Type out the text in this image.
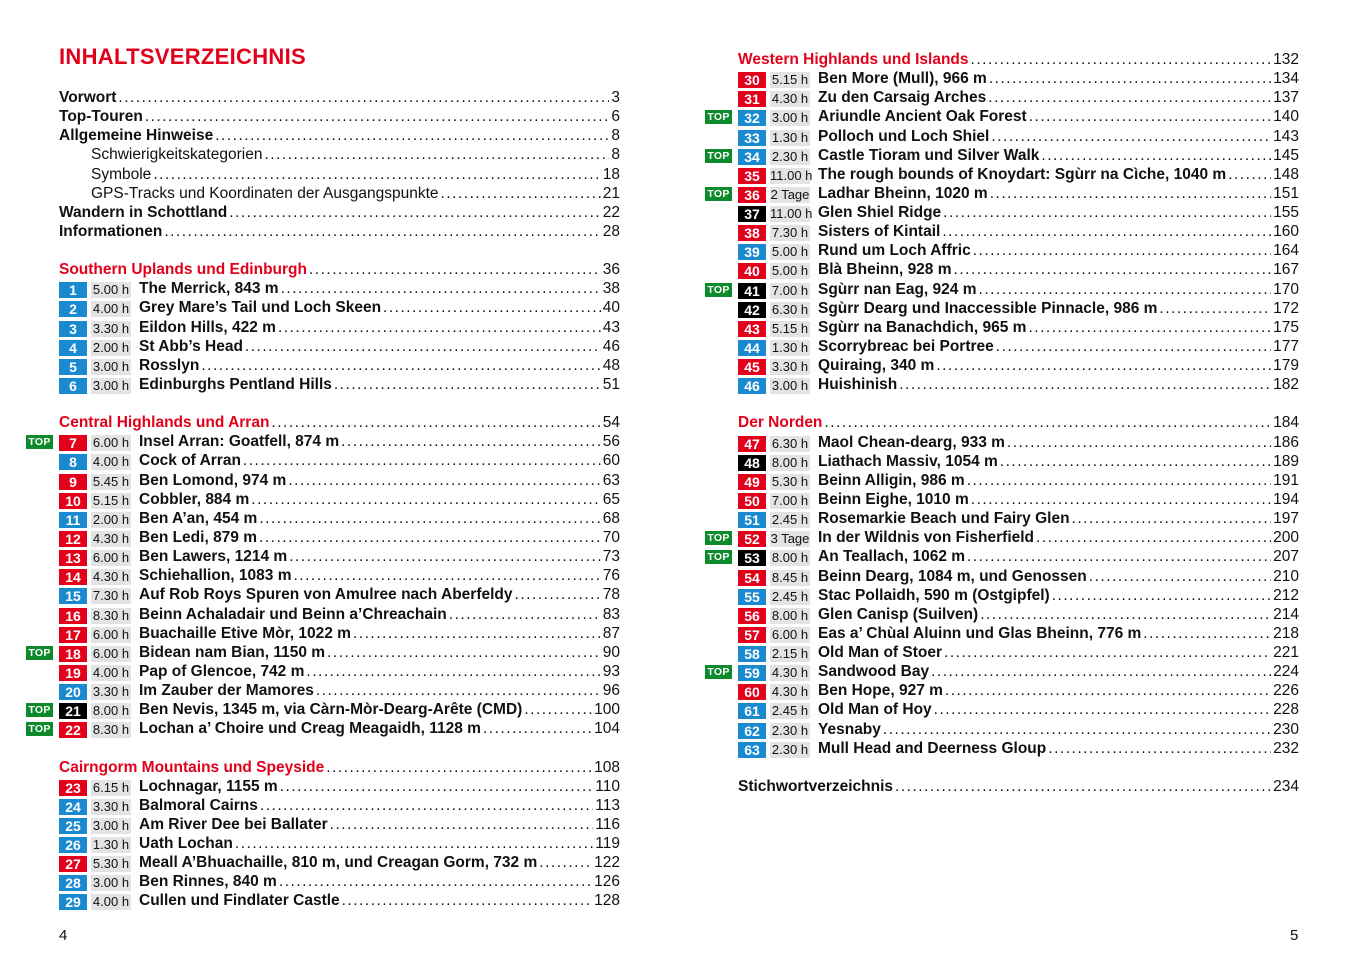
INHALTSVERZEICHNIS
Vorwort . . .	3
Top-Touren . . .	6
Allgemeine Hinweise . . .	8
Schwierigkeitskategorien . . .	8
Symbole . . .	18
GPS-Tracks und Koordinaten der Ausgangspunkte . . .	21
Wandern in Schottland . . .	22
Informationen . . .	28
Southern Uplands und Edinburgh . . .	36
1	5.00 h The Merrick, 843 m . . .	38
2	4.00 h Grey Mare’s Tail und Loch Skeen . . .	40
3	3.30 h Eildon Hills, 422 m . . .	43
4	2.00 h St Abb’s Head . . .	46
5	3.00 h Rosslyn . . .	48
6	3.00 h Edinburghs Pentland Hills . . .	51
Central Highlands und Arran . . .	54
TOP	7	6.00 h Insel Arran: Goatfell, 874 m . . .	56
8	4.00 h Cock of Arran . . .	60
9	5.45 h Ben Lomond, 974 m . . .	63
10 5.15 h Cobbler, 884 m . . .	65
11 2.00 h Ben A’an, 454 m . . .	68
12 4.30 h Ben Ledi, 879 m . . .	70
13 6.00 h Ben Lawers, 1214 m . . .	73
14 4.30 h Schiehallion, 1083 m . . .	76
15 7.30 h Auf Rob Roys Spuren von Amulree nach Aberfeldy . . .	78
16 8.30 h Beinn Achaladair und Beinn a’Chreachain . . .	83
17 6.00 h Buachaille Etive Mòr, 1022 m . . .	87
TOP	18 6.00 h Bidean nam Bian, 1150 m . . .	90
19 4.00 h Pap of Glencoe, 742 m . . .	93
20 3.30 h Im Zauber der Mamores . . .	96
TOP	21 8.00 h Ben Nevis, 1345 m, via Càrn-Mòr-Dearg-Arête (CMD) . . .	100
TOP	22 8.30 h Lochan a’ Choire und Creag Meagaidh, 1128 m . . .	104
Cairngorm Mountains und Speyside . . .	108
23 6.15 h Lochnagar, 1155 m . . .	110
24 3.30 h Balmoral Cairns . . .	113
25 3.00 h Am River Dee bei Ballater . . .	116
26 1.30 h Uath Lochan . . .	119
27 5.30 h Meall A’Bhuachaille, 810 m, und Creagan Gorm, 732 m . . .	122
28 3.00 h Ben Rinnes, 840 m . . .	126
29 4.00 h Cullen und Findlater Castle . . .	128
Western Highlands und Islands . . .	132
30 5.15 h Ben More (Mull), 966 m . . .	134
31 4.30 h Zu den Carsaig Arches . . .	137
TOP	32 3.00 h Ariundle Ancient Oak Forest . . .	140
33 1.30 h Polloch und Loch Shiel . . .	143
TOP	34 2.30 h Castle Tioram und Silver Walk . . .	145
35 11.00 h The rough bounds of Knoydart: Sgùrr na Cìche, 1040 m . . .	148
TOP	36 2 Tage Ladhar Bheinn, 1020 m . . .	151
37 11.00 h Glen Shiel Ridge . . .	155
38 7.30 h Sisters of Kintail . . .	160
39 5.00 h Rund um Loch Affric . . .	164
40 5.00 h Blà Bheinn, 928 m . . .	167
TOP	41 7.00 h Sgùrr nan Eag, 924 m . . .	170
42 6.30 h Sgùrr Dearg und Inaccessible Pinnacle, 986 m . . .	172
43 5.15 h Sgùrr na Banachdich, 965 m . . .	175
44 1.30 h Scorrybreac bei Portree . . .	177
45 3.30 h Quiraing, 340 m . . .	179
46 3.00 h Huishinish . . .	182
Der Norden . . .	184
47 6.30 h Maol Chean-dearg, 933 m . . .	186
48 8.00 h Liathach Massiv, 1054 m . . .	189
49 5.30 h Beinn Alligin, 986 m . . .	191
50 7.00 h Beinn Eighe, 1010 m . . .	194
51 2.45 h Rosemarkie Beach und Fairy Glen . . .	197
TOP	52 3 Tage In der Wildnis von Fisherfield . . .	200
TOP	53 8.00 h An Teallach, 1062 m . . .	207
54 8.45 h Beinn Dearg, 1084 m, und Genossen . . .	210
55 2.45 h Stac Pollaidh, 590 m (Ostgipfel) . . .	212
56 8.00 h Glen Canisp (Suilven) . . .	214
57 6.00 h Eas a’ Chùal Aluinn und Glas Bheinn, 776 m . . .	218
58 2.15 h Old Man of Stoer . . .	221
TOP	59 4.30 h Sandwood Bay . . .	224
60 4.30 h Ben Hope, 927 m . . .	226
61 2.45 h Old Man of Hoy . . .	228
62 2.30 h Yesnaby . . .	230
63 2.30 h Mull Head and Deerness Gloup . . .	232
Stichwortverzeichnis . . .	234
4	5
